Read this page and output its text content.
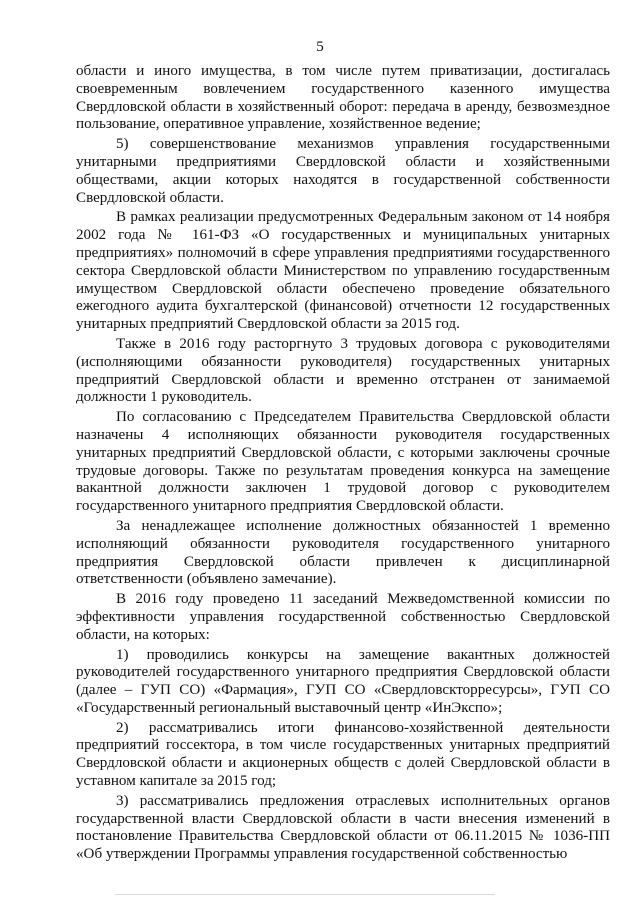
5

области и иного имущества, в том числе путем приватизации, достигалась своевременным вовлечением государственного казенного имущества Свердловской области в хозяйственный оборот: передача в аренду, безвозмездное пользование, оперативное управление, хозяйственное ведение;

5) совершенствование механизмов управления государственными унитарными предприятиями Свердловской области и хозяйственными обществами, акции которых находятся в государственной собственности Свердловской области.

В рамках реализации предусмотренных Федеральным законом от 14 ноября 2002 года № 161-ФЗ «О государственных и муниципальных унитарных предприятиях» полномочий в сфере управления предприятиями государственного сектора Свердловской области Министерством по управлению государственным имуществом Свердловской области обеспечено проведение обязательного ежегодного аудита бухгалтерской (финансовой) отчетности 12 государственных унитарных предприятий Свердловской области за 2015 год.

Также в 2016 году расторгнуто 3 трудовых договора с руководителями (исполняющими обязанности руководителя) государственных унитарных предприятий Свердловской области и временно отстранен от занимаемой должности 1 руководитель.

По согласованию с Председателем Правительства Свердловской области назначены 4 исполняющих обязанности руководителя государственных унитарных предприятий Свердловской области, с которыми заключены срочные трудовые договоры. Также по результатам проведения конкурса на замещение вакантной должности заключен 1 трудовой договор с руководителем государственного унитарного предприятия Свердловской области.

За ненадлежащее исполнение должностных обязанностей 1 временно исполняющий обязанности руководителя государственного унитарного предприятия Свердловской области привлечен к дисциплинарной ответственности (объявлено замечание).

В 2016 году проведено 11 заседаний Межведомственной комиссии по эффективности управления государственной собственностью Свердловской области, на которых:

1) проводились конкурсы на замещение вакантных должностей руководителей государственного унитарного предприятия Свердловской области (далее – ГУП СО) «Фармация», ГУП СО «Свердловскторресурсы», ГУП СО «Государственный региональный выставочный центр «ИнЭкспо»;

2) рассматривались итоги финансово-хозяйственной деятельности предприятий госсектора, в том числе государственных унитарных предприятий Свердловской области и акционерных обществ с долей Свердловской области в уставном капитале за 2015 год;

3) рассматривались предложения отраслевых исполнительных органов государственной власти Свердловской области в части внесения изменений в постановление Правительства Свердловской области от 06.11.2015 № 1036-ПП «Об утверждении Программы управления государственной собственностью
